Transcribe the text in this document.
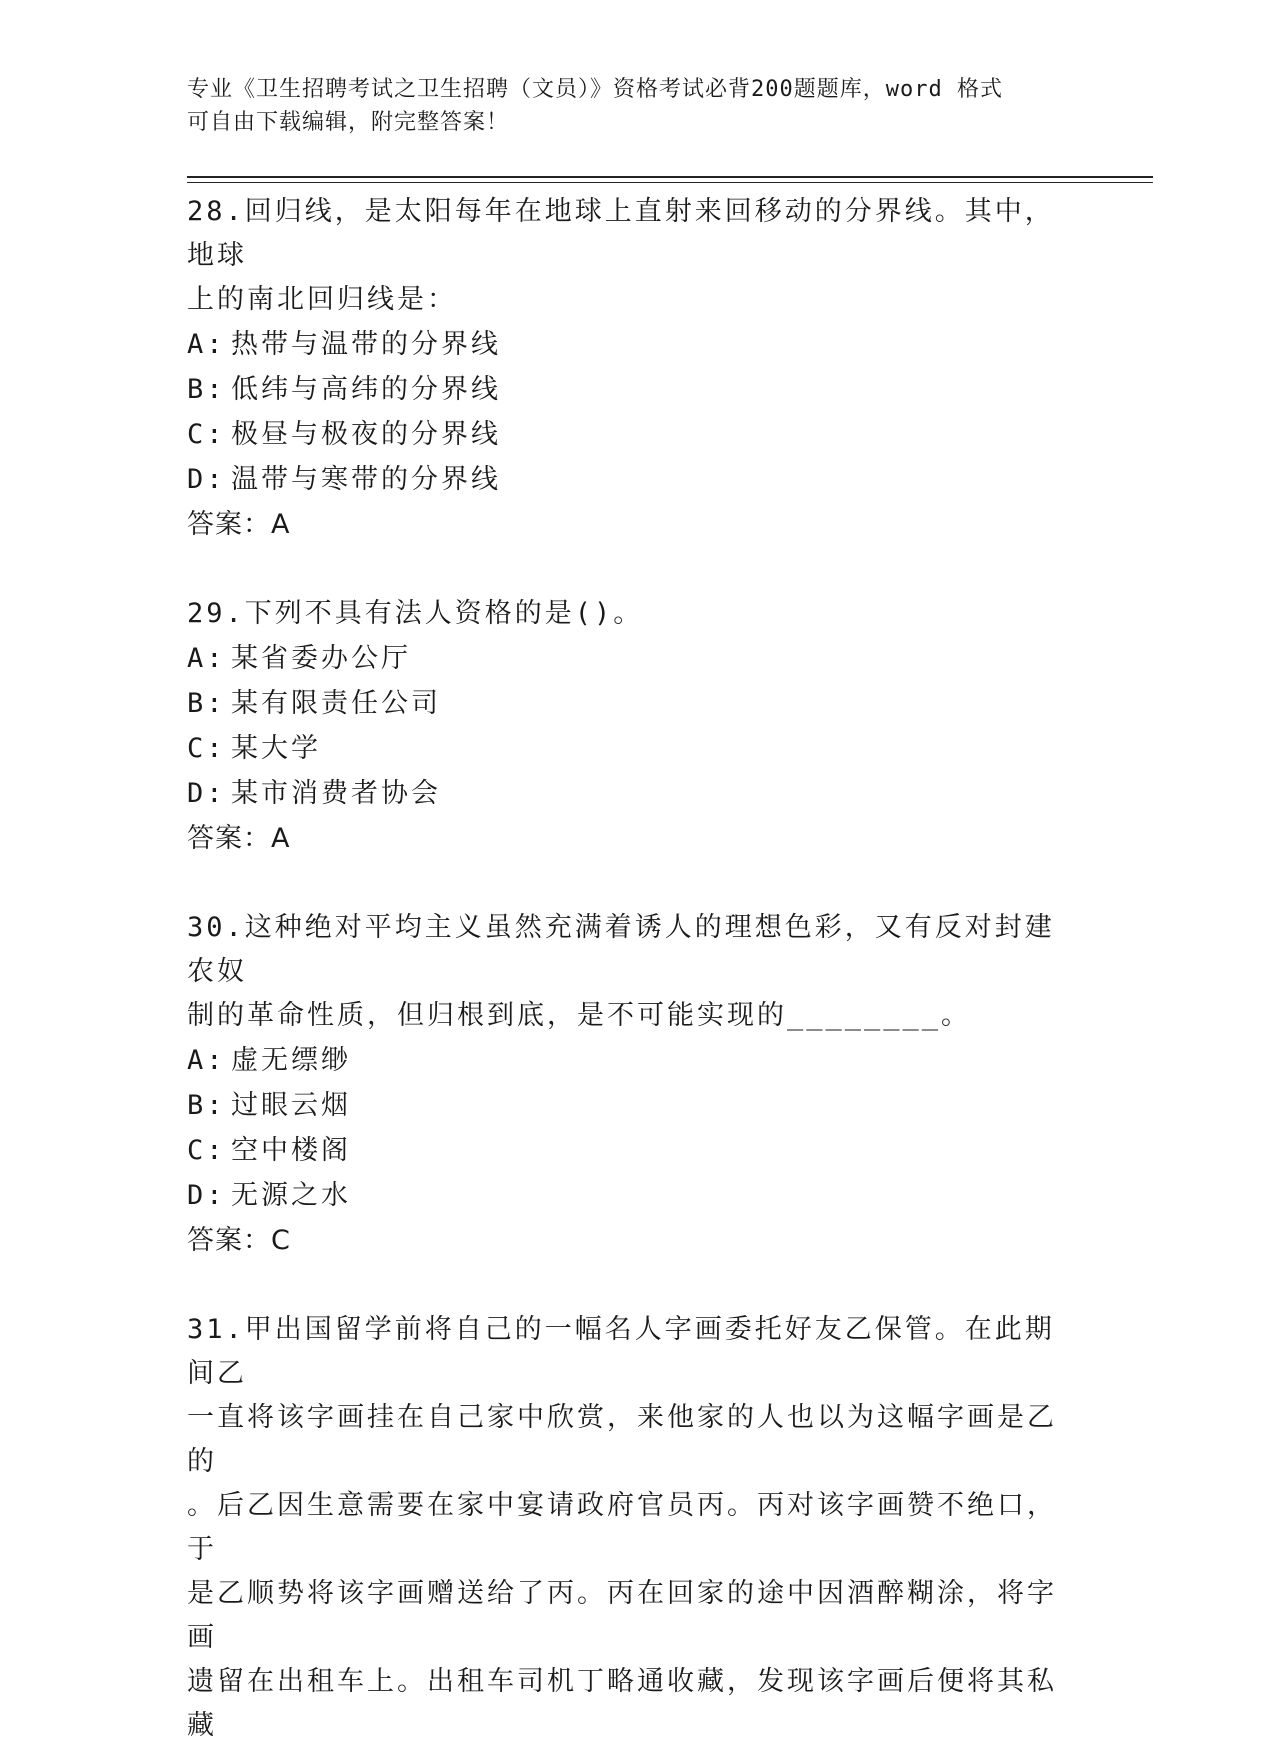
专业《卫生招聘考试之卫生招聘（文员）》资格考试必背200题题库，word 格式
可自由下载编辑，附完整答案！

28.回归线，是太阳每年在地球上直射来回移动的分界线。其中，地球

上的南北回归线是：

A: 热带与温带的分界线

B: 低纬与高纬的分界线

C: 极昼与极夜的分界线

D: 温带与寒带的分界线

答案：A

29.下列不具有法人资格的是()。

A: 某省委办公厅

B: 某有限责任公司

C: 某大学

D: 某市消费者协会

答案：A

30.这种绝对平均主义虽然充满着诱人的理想色彩，又有反对封建农奴

制的革命性质，但归根到底，是不可能实现的________。

A: 虚无缥缈

B: 过眼云烟

C: 空中楼阁

D: 无源之水

答案：C

31.甲出国留学前将自己的一幅名人字画委托好友乙保管。在此期间乙

一直将该字画挂在自己家中欣赏，来他家的人也以为这幅字画是乙的

。后乙因生意需要在家中宴请政府官员丙。丙对该字画赞不绝口，于

是乙顺势将该字画赠送给了丙。丙在回家的途中因酒醉糊涂，将字画

遗留在出租车上。出租车司机丁略通收藏，发现该字画后便将其私藏
